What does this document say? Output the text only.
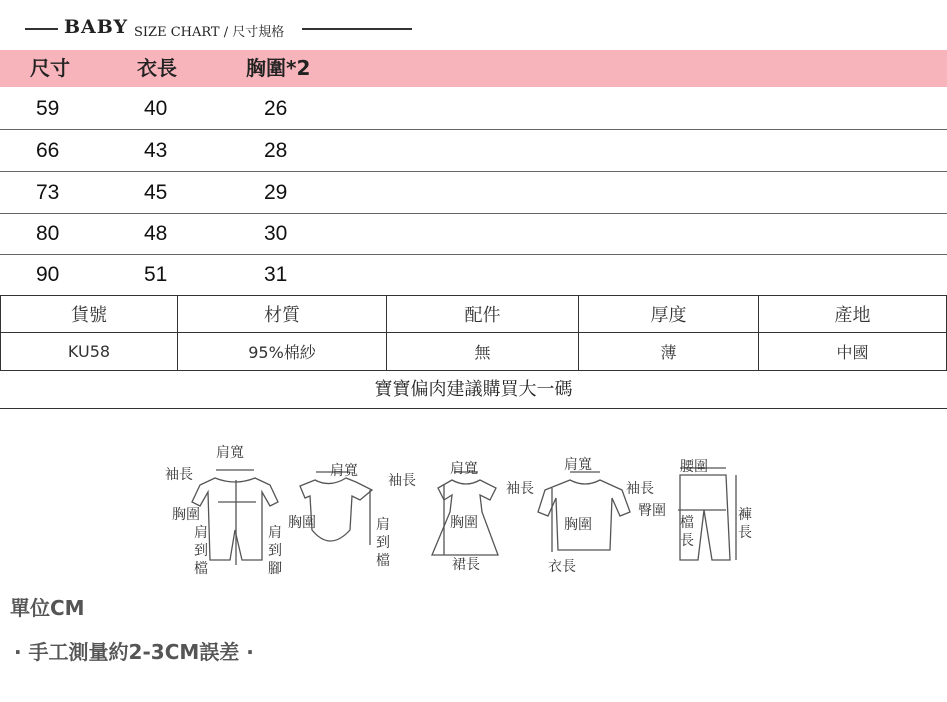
BABY SIZE CHART / 尺寸規格
尺寸	衣長	胸圍*2
59	40	26
66	43	28
73	45	29
80	48	30
90	51	31
貨號	材質	配件	厚度	產地
KU58	95%棉紗	無	薄	中國
寶寶偏肉建議購買大一碼
肩寬
袖長
胸圍
肩到檔
肩到腳
肩寬
袖長
胸圍	肩到檔
肩寬
袖長
胸圍
裙長
肩寬
袖長
胸圍
衣長
腰圍
臀圍
檔長
褲長
單位CM
· 手工測量約2-3CM誤差 ·
